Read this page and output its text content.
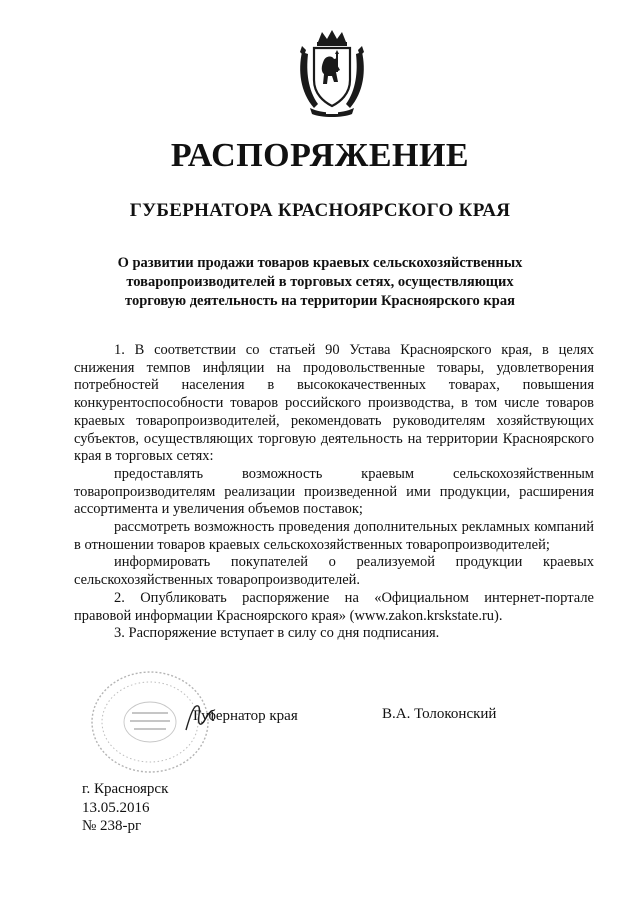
РАСПОРЯЖЕНИЕ
ГУБЕРНАТОРА КРАСНОЯРСКОГО КРАЯ
О развитии продажи товаров краевых сельскохозяйственных товаропроизводителей в торговых сетях, осуществляющих торговую деятельность на территории Красноярского края

1. В соответствии со статьей 90 Устава Красноярского края, в целях снижения темпов инфляции на продовольственные товары, удовлетворения потребностей населения в высококачественных товарах, повышения конкурентоспособности товаров российского производства, в том числе товаров краевых товаропроизводителей, рекомендовать руководителям хозяйствующих субъектов, осуществляющих торговую деятельность на территории Красноярского края в торговых сетях:

предоставлять возможность краевым сельскохозяйственным товаропроизводителям реализации произведенной ими продукции, расширения ассортимента и увеличения объемов поставок;

рассмотреть возможность проведения дополнительных рекламных компаний в отношении товаров краевых сельскохозяйственных товаропроизводителей;

информировать покупателей о реализуемой продукции краевых сельскохозяйственных товаропроизводителей.

2. Опубликовать распоряжение на «Официальном интернет-портале правовой информации Красноярского края» (www.zakon.krskstate.ru).

3. Распоряжение вступает в силу со дня подписания.

Губернатор края	В.А. Толоконский
г. Красноярск
13.05.2016
№ 238-рг
